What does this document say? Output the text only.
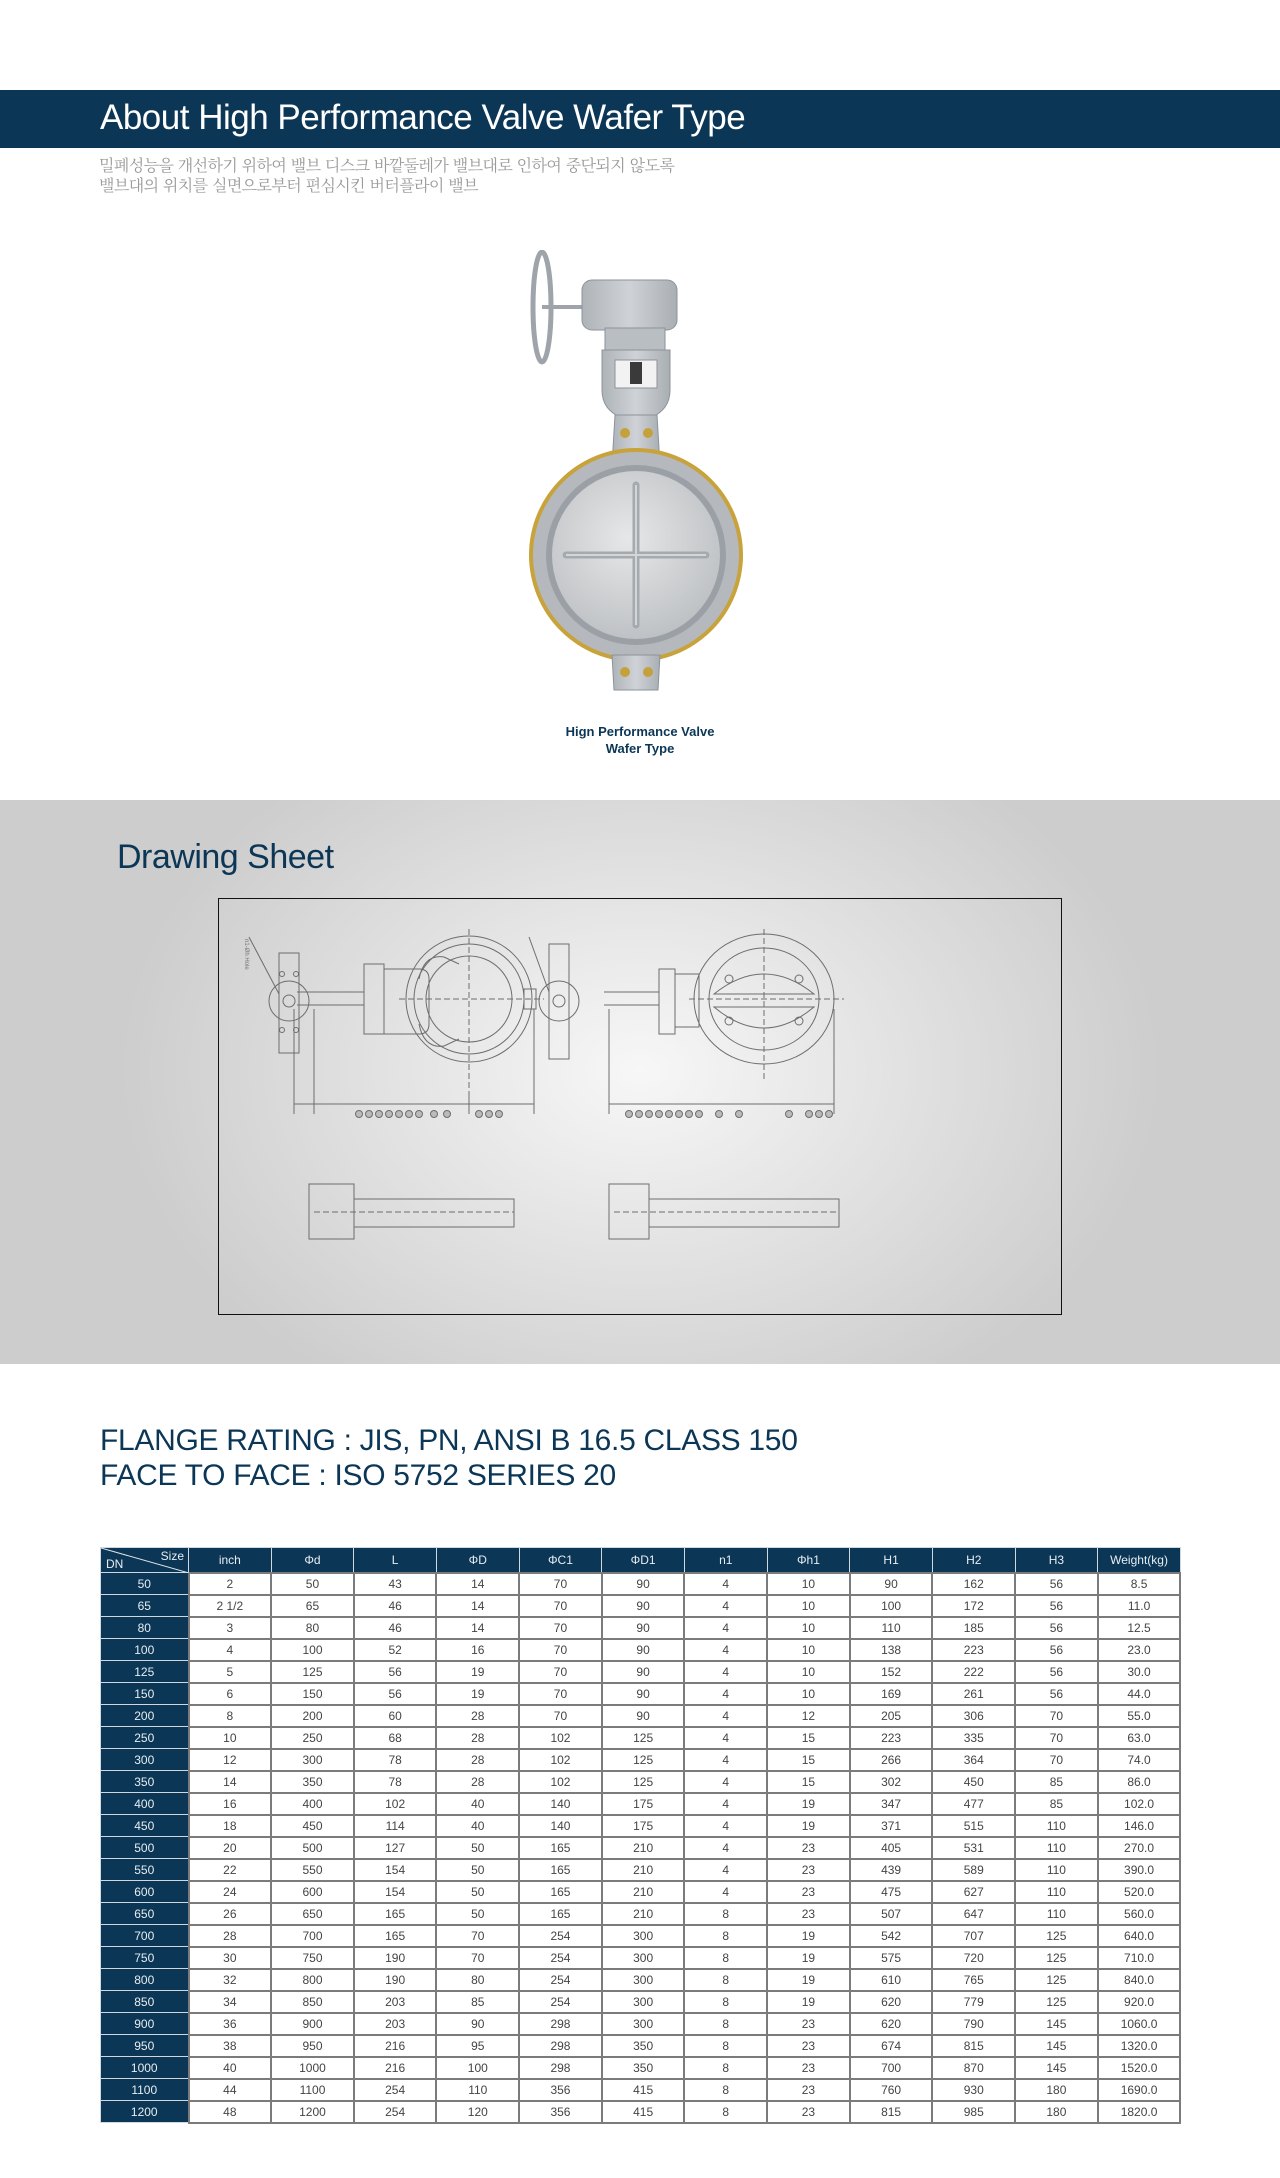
About High Performance Valve Wafer Type
밀폐성능을 개선하기 위하여 밸브 디스크 바깥둘레가 밸브대로 인하여 중단되지 않도록
밸브대의 위치를 실면으로부터 편심시킨 버터플라이 밸브
Hign Performance Valve
Wafer Type
Drawing Sheet
n1-Øh Hole
FLANGE RATING : JIS, PN, ANSI B 16.5 CLASS 150
FACE TO FACE : ISO 5752 SERIES 20
Size
DN	inch	Φd	L	ΦD	ΦC1	ΦD1	n1	Φh1	H1	H2	H3	Weight(kg)
50	2	50	43	14	70	90	4	10	90	162	56	8.5
65	2 1/2	65	46	14	70	90	4	10	100	172	56	11.0
80	3	80	46	14	70	90	4	10	110	185	56	12.5
100	4	100	52	16	70	90	4	10	138	223	56	23.0
125	5	125	56	19	70	90	4	10	152	222	56	30.0
150	6	150	56	19	70	90	4	10	169	261	56	44.0
200	8	200	60	28	70	90	4	12	205	306	70	55.0
250	10	250	68	28	102	125	4	15	223	335	70	63.0
300	12	300	78	28	102	125	4	15	266	364	70	74.0
350	14	350	78	28	102	125	4	15	302	450	85	86.0
400	16	400	102	40	140	175	4	19	347	477	85	102.0
450	18	450	114	40	140	175	4	19	371	515	110	146.0
500	20	500	127	50	165	210	4	23	405	531	110	270.0
550	22	550	154	50	165	210	4	23	439	589	110	390.0
600	24	600	154	50	165	210	4	23	475	627	110	520.0
650	26	650	165	50	165	210	8	23	507	647	110	560.0
700	28	700	165	70	254	300	8	19	542	707	125	640.0
750	30	750	190	70	254	300	8	19	575	720	125	710.0
800	32	800	190	80	254	300	8	19	610	765	125	840.0
850	34	850	203	85	254	300	8	19	620	779	125	920.0
900	36	900	203	90	298	300	8	23	620	790	145	1060.0
950	38	950	216	95	298	350	8	23	674	815	145	1320.0
1000	40	1000	216	100	298	350	8	23	700	870	145	1520.0
1100	44	1100	254	110	356	415	8	23	760	930	180	1690.0
1200	48	1200	254	120	356	415	8	23	815	985	180	1820.0
